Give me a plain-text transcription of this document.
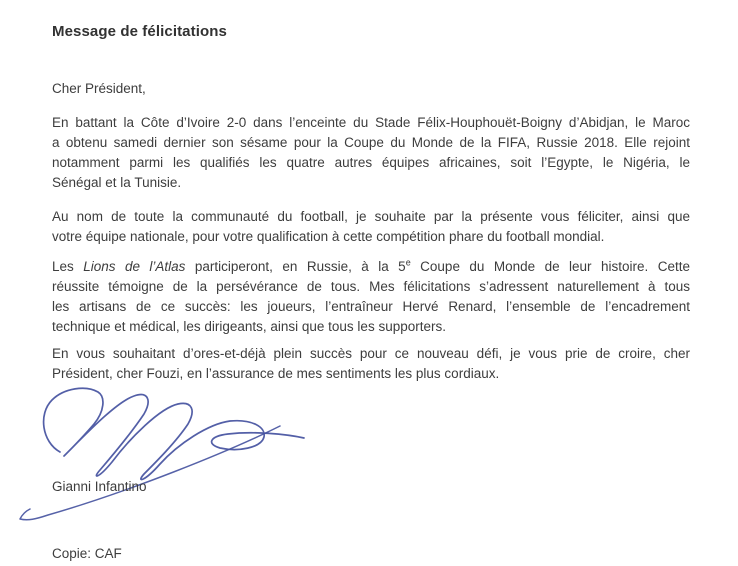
Message de félicitations

Cher Président,

En battant la Côte d’Ivoire 2-0 dans l’enceinte du Stade Félix-Houphouët-Boigny d’Abidjan, le Maroc
a obtenu samedi dernier son sésame pour la Coupe du Monde de la FIFA, Russie 2018. Elle rejoint
notamment parmi les qualifiés les quatre autres équipes africaines, soit l’Egypte, le Nigéria, le
Sénégal et la Tunisie.
Au nom de toute la communauté du football, je souhaite par la présente vous féliciter, ainsi que
votre équipe nationale, pour votre qualification à cette compétition phare du football mondial.
Les Lions de l’Atlas participeront, en Russie, à la 5e Coupe du Monde de leur histoire. Cette
réussite témoigne de la persévérance de tous. Mes félicitations s’adressent naturellement à tous
les artisans de ce succès: les joueurs, l’entraîneur Hervé Renard, l’ensemble de l’encadrement
technique et médical, les dirigeants, ainsi que tous les supporters.
En vous souhaitant d’ores-et-déjà plein succès pour ce nouveau défi, je vous prie de croire, cher
Président, cher Fouzi, en l’assurance de mes sentiments les plus cordiaux.

Gianni Infantino

Copie: CAF
